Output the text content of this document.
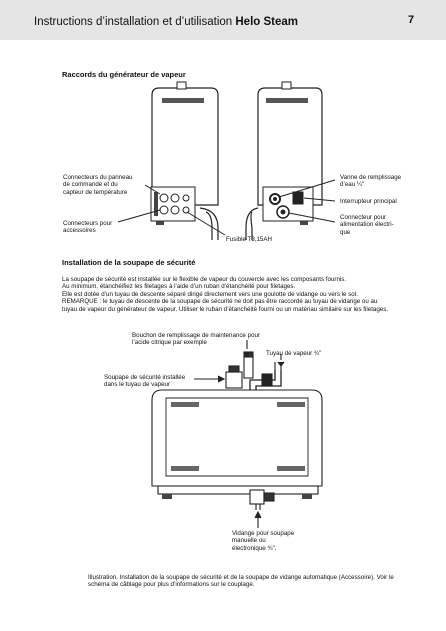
Instructions d’installation et d’utilisation Helo Steam	7
Raccords du générateur de vapeur
Connecteurs du panneau
de commande et du
capteur de température
Connecteurs pour
accessoires
Fusible T3,15AH
Vanne de remplissage
d’eau ¼"
Interrupteur principal
Connecteur pour
alimentation électri-
que
Installation de la soupape de sécurité
La soupape de sécurité est installée sur le flexible de vapeur du couvercle avec les composants fournis.
Au minimum, étanchéifiez les filetages à l’aide d’un ruban d’étanchéité pour filetages.
Elle est dotée d’un tuyau de descente séparé dirigé directement vers une goulotte de vidange ou vers le sol.
REMARQUE : le tuyau de descente de la soupape de sécurité ne doit pas être raccordé au tuyau de vidange ou au
tuyau de vapeur du générateur de vapeur. Utiliser le ruban d’étanchéité fourni ou un matériau similaire sur les filetages.
Bouchon de remplissage de maintenance pour
l’acide citrique par exemple
Tuyau de vapeur ¾"
Soupape de sécurité installée
dans le tuyau de vapeur
Vidange pour soupape
manuelle ou
électronique ¾".
Illustration. Installation de la soupape de sécurité et de la soupape de vidange automatique (Accessoire). Voir le
schéma de câblage pour plus d’informations sur le couplage.
